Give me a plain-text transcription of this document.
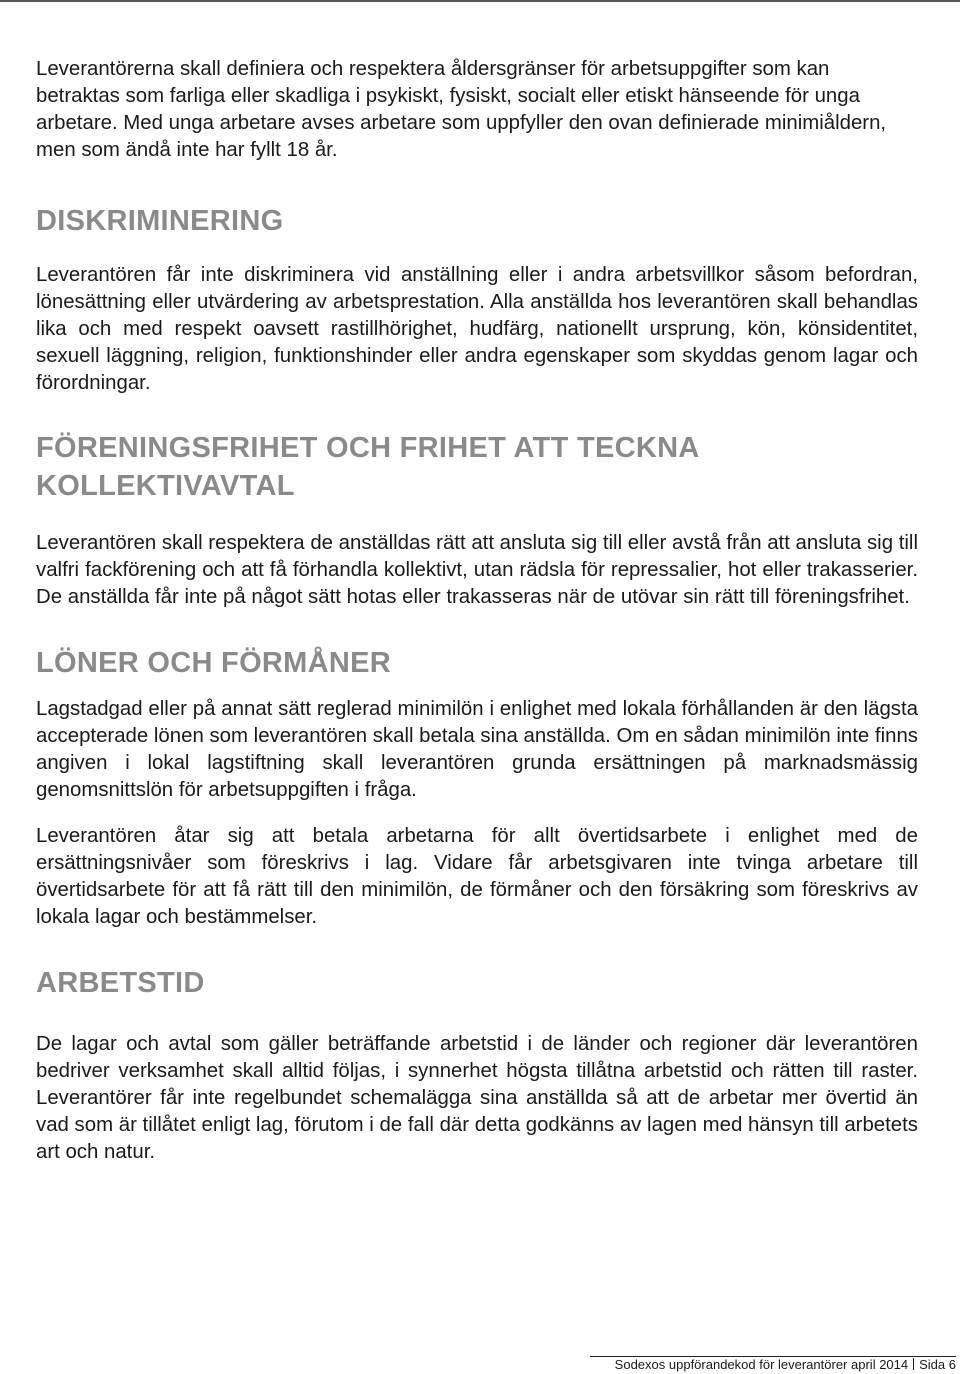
Leverantörerna skall definiera och respektera åldersgränser för arbetsuppgifter som kan betraktas som farliga eller skadliga i psykiskt, fysiskt, socialt eller etiskt hänseende för unga arbetare. Med unga arbetare avses arbetare som uppfyller den ovan definierade minimiåldern, men som ändå inte har fyllt 18 år.

DISKRIMINERING

Leverantören får inte diskriminera vid anställning eller i andra arbetsvillkor såsom befordran, lönesättning eller utvärdering av arbetsprestation. Alla anställda hos leverantören skall behandlas lika och med respekt oavsett rastillhörighet, hudfärg, nationellt ursprung, kön, könsidentitet, sexuell läggning, religion, funktionshinder eller andra egenskaper som skyddas genom lagar och förordningar.

FÖRENINGSFRIHET OCH FRIHET ATT TECKNA
KOLLEKTIVAVTAL

Leverantören skall respektera de anställdas rätt att ansluta sig till eller avstå från att ansluta sig till valfri fackförening och att få förhandla kollektivt, utan rädsla för repressalier, hot eller trakasserier. De anställda får inte på något sätt hotas eller trakasseras när de utövar sin rätt till föreningsfrihet.

LÖNER OCH FÖRMÅNER

Lagstadgad eller på annat sätt reglerad minimilön i enlighet med lokala förhållanden är den lägsta accepterade lönen som leverantören skall betala sina anställda. Om en sådan minimilön inte finns angiven i lokal lagstiftning skall leverantören grunda ersättningen på marknadsmässig genomsnittslön för arbetsuppgiften i fråga.

Leverantören åtar sig att betala arbetarna för allt övertidsarbete i enlighet med de ersättningsnivåer som föreskrivs i lag. Vidare får arbetsgivaren inte tvinga arbetare till övertidsarbete för att få rätt till den minimilön, de förmåner och den försäkring som föreskrivs av lokala lagar och bestämmelser.

ARBETSTID

De lagar och avtal som gäller beträffande arbetstid i de länder och regioner där leverantören bedriver verksamhet skall alltid följas, i synnerhet högsta tillåtna arbetstid och rätten till raster. Leverantörer får inte regelbundet schemalägga sina anställda så att de arbetar mer övertid än vad som är tillåtet enligt lag, förutom i de fall där detta godkänns av lagen med hänsyn till arbetets art och natur.

Sodexos uppförandekod för leverantörer april 2014 Sida 6
